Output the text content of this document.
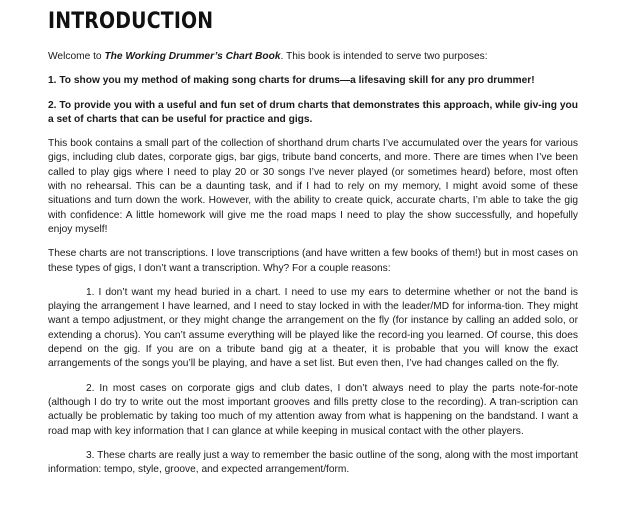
INTRODUCTION

Welcome to The Working Drummer’s Chart Book. This book is intended to serve two purposes:

1. To show you my method of making song charts for drums—a lifesaving skill for any pro drummer!

2. To provide you with a useful and fun set of drum charts that demonstrates this approach, while giv-ing you a set of charts that can be useful for practice and gigs.

This book contains a small part of the collection of shorthand drum charts I’ve accumulated over the years for various gigs, including club dates, corporate gigs, bar gigs, tribute band concerts, and more. There are times when I’ve been called to play gigs where I need to play 20 or 30 songs I’ve never played (or sometimes heard) before, most often with no rehearsal. This can be a daunting task, and if I had to rely on my memory, I might avoid some of these situations and turn down the work. However, with the ability to create quick, accurate charts, I’m able to take the gig with confidence: A little homework will give me the road maps I need to play the show successfully, and hopefully enjoy myself!

These charts are not transcriptions. I love transcriptions (and have written a few books of them!) but in most cases on these types of gigs, I don’t want a transcription. Why? For a couple reasons:

1. I don’t want my head buried in a chart. I need to use my ears to determine whether or not the band is playing the arrangement I have learned, and I need to stay locked in with the leader/MD for informa-tion. They might want a tempo adjustment, or they might change the arrangement on the fly (for instance by calling an added solo, or extending a chorus). You can’t assume everything will be played like the record-ing you learned. Of course, this does depend on the gig. If you are on a tribute band gig at a theater, it is probable that you will know the exact arrangements of the songs you’ll be playing, and have a set list. But even then, I’ve had changes called on the fly.

2. In most cases on corporate gigs and club dates, I don’t always need to play the parts note-for-note (although I do try to write out the most important grooves and fills pretty close to the recording). A tran-scription can actually be problematic by taking too much of my attention away from what is happening on the bandstand. I want a road map with key information that I can glance at while keeping in musical contact with the other players.

3. These charts are really just a way to remember the basic outline of the song, along with the most important information: tempo, style, groove, and expected arrangement/form.
